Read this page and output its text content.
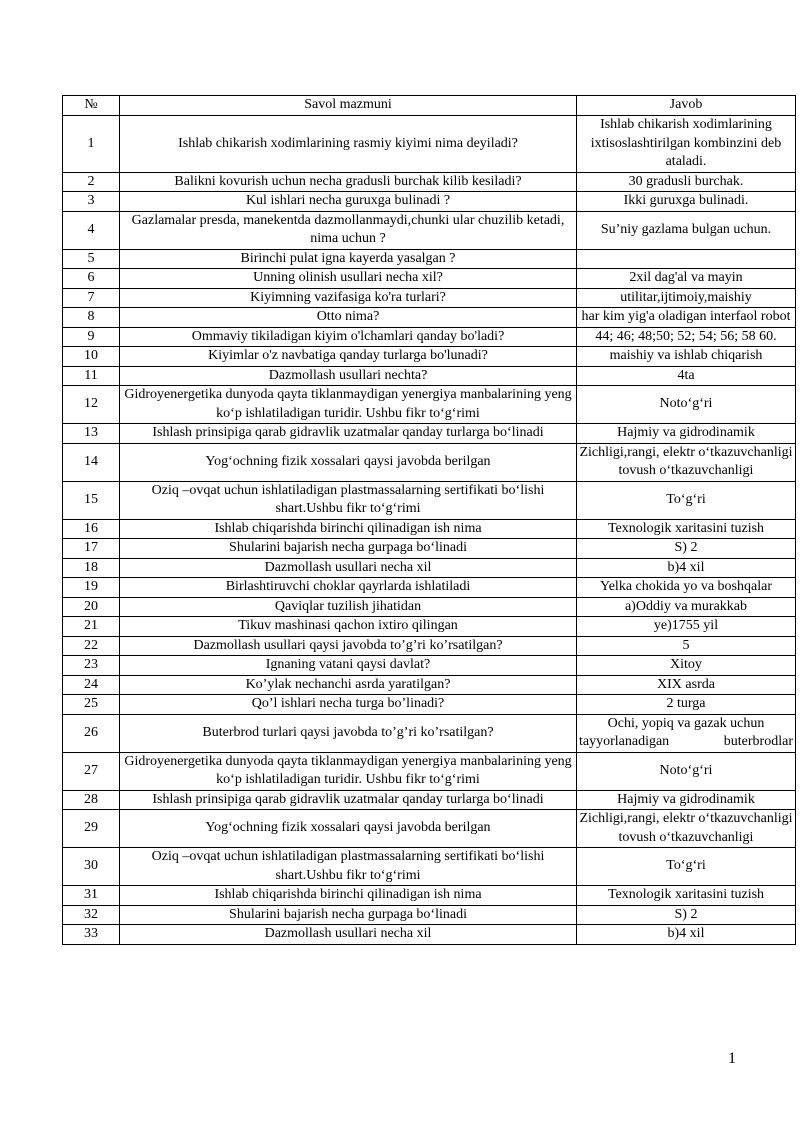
№	Savol mazmuni	Javob
1	Ishlab chikarish xodimlarining rasmiy kiyimi nima deyiladi?	Ishlab chikarish xodimlarining ixtisoslashtirilgan kombinzini deb ataladi.
2	Balikni kovurish uchun necha gradusli burchak kilib kesiladi?	30 gradusli burchak.
3	Kul ishlari necha guruxga bulinadi ?	Ikki guruxga bulinadi.
4	Gazlamalar presda, manekentda dazmollanmaydi,chunki ular chuzilib ketadi, nima uchun ?	Su’niy gazlama bulgan uchun.
5	Birinchi pulat igna kayerda yasalgan ?	
6	Unning olinish usullari necha xil?	2xil dag'al va mayin
7	Kiyimning vazifasiga ko'ra turlari?	utilitar,ijtimoiy,maishiy
8	Otto nima?	har kim yig'a oladigan interfaol robot
9	Ommaviy tikiladigan kiyim o'lchamlari qanday bo'ladi?	44; 46; 48;50; 52; 54; 56; 58 60.
10	Kiyimlar o'z navbatiga qanday turlarga bo'lunadi?	maishiy va ishlab chiqarish
11	Dazmollash usullari nechta?	4ta
12	Gidroyenergetika dunyoda qayta tiklanmaydigan yenergiya manbalarining yeng ko‘p ishlatiladigan turidir. Ushbu fikr to‘g‘rimi	Noto‘g‘ri
13	Ishlash prinsipiga qarab gidravlik uzatmalar qanday turlarga bo‘linadi	Hajmiy va gidrodinamik
14	Yog‘ochning fizik xossalari qaysi javobda berilgan	Zichligi,rangi, elektr o‘tkazuvchanligi tovush o‘tkazuvchanligi
15	Oziq –ovqat uchun ishlatiladigan plastmassalarning sertifikati bo‘lishi shart.Ushbu fikr to‘g‘rimi	To‘g‘ri
16	Ishlab chiqarishda birinchi qilinadigan ish nima	Texnologik xaritasini tuzish
17	Shularini bajarish necha gurpaga bo‘linadi	S) 2
18	Dazmollash usullari necha xil	b)4 xil
19	Birlashtiruvchi choklar qayrlarda ishlatiladi	Yelka chokida yo va boshqalar
20	Qaviqlar tuzilish jihatidan	a)Oddiy va murakkab
21	Tikuv mashinasi qachon ixtiro qilingan	ye)1755 yil
22	Dazmollash usullari qaysi javobda to’g’ri ko’rsatilgan?	5
23	Ignaning vatani qaysi davlat?	Xitoy
24	Ko’ylak nechanchi asrda yaratilgan?	XIX asrda
25	Qo’l ishlari necha turga bo’linadi?	2 turga
26	Buterbrod turlari qaysi javobda to’g’ri ko’rsatilgan?	Ochi, yopiq va gazak uchun tayyorlanadigan buterbrodlar
27	Gidroyenergetika dunyoda qayta tiklanmaydigan yenergiya manbalarining yeng ko‘p ishlatiladigan turidir. Ushbu fikr to‘g‘rimi	Noto‘g‘ri
28	Ishlash prinsipiga qarab gidravlik uzatmalar qanday turlarga bo‘linadi	Hajmiy va gidrodinamik
29	Yog‘ochning fizik xossalari qaysi javobda berilgan	Zichligi,rangi, elektr o‘tkazuvchanligi tovush o‘tkazuvchanligi
30	Oziq –ovqat uchun ishlatiladigan plastmassalarning sertifikati bo‘lishi shart.Ushbu fikr to‘g‘rimi	To‘g‘ri
31	Ishlab chiqarishda birinchi qilinadigan ish nima	Texnologik xaritasini tuzish
32	Shularini bajarish necha gurpaga bo‘linadi	S) 2
33	Dazmollash usullari necha xil	b)4 xil
1
